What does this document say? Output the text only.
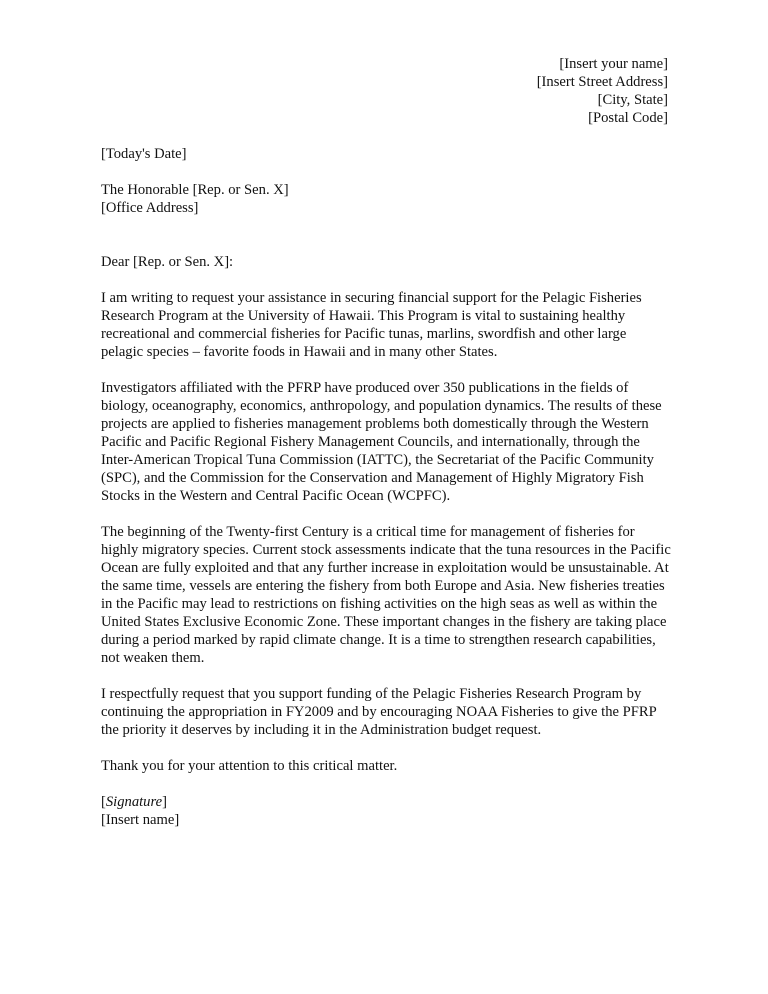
[Insert your name]
[Insert Street Address]
[City, State]
[Postal Code]
[Today's Date]
The Honorable [Rep. or Sen. X]
[Office Address]
Dear [Rep. or Sen. X]:

I am writing to request your assistance in securing financial support for the Pelagic Fisheries Research Program at the University of Hawaii. This Program is vital to sustaining healthy recreational and commercial fisheries for Pacific tunas, marlins, swordfish and other large pelagic species – favorite foods in Hawaii and in many other States.

Investigators affiliated with the PFRP have produced over 350 publications in the fields of biology, oceanography, economics, anthropology, and population dynamics. The results of these projects are applied to fisheries management problems both domestically through the Western Pacific and Pacific Regional Fishery Management Councils, and internationally, through the Inter-American Tropical Tuna Commission (IATTC), the Secretariat of the Pacific Community (SPC), and the Commission for the Conservation and Management of Highly Migratory Fish Stocks in the Western and Central Pacific Ocean (WCPFC).

The beginning of the Twenty-first Century is a critical time for management of fisheries for highly migratory species. Current stock assessments indicate that the tuna resources in the Pacific Ocean are fully exploited and that any further increase in exploitation would be unsustainable. At the same time, vessels are entering the fishery from both Europe and Asia. New fisheries treaties in the Pacific may lead to restrictions on fishing activities on the high seas as well as within the United States Exclusive Economic Zone. These important changes in the fishery are taking place during a period marked by rapid climate change. It is a time to strengthen research capabilities, not weaken them.

I respectfully request that you support funding of the Pelagic Fisheries Research Program by continuing the appropriation in FY2009 and by encouraging NOAA Fisheries to give the PFRP the priority it deserves by including it in the Administration budget request.

Thank you for your attention to this critical matter.

[Signature]
[Insert name]
